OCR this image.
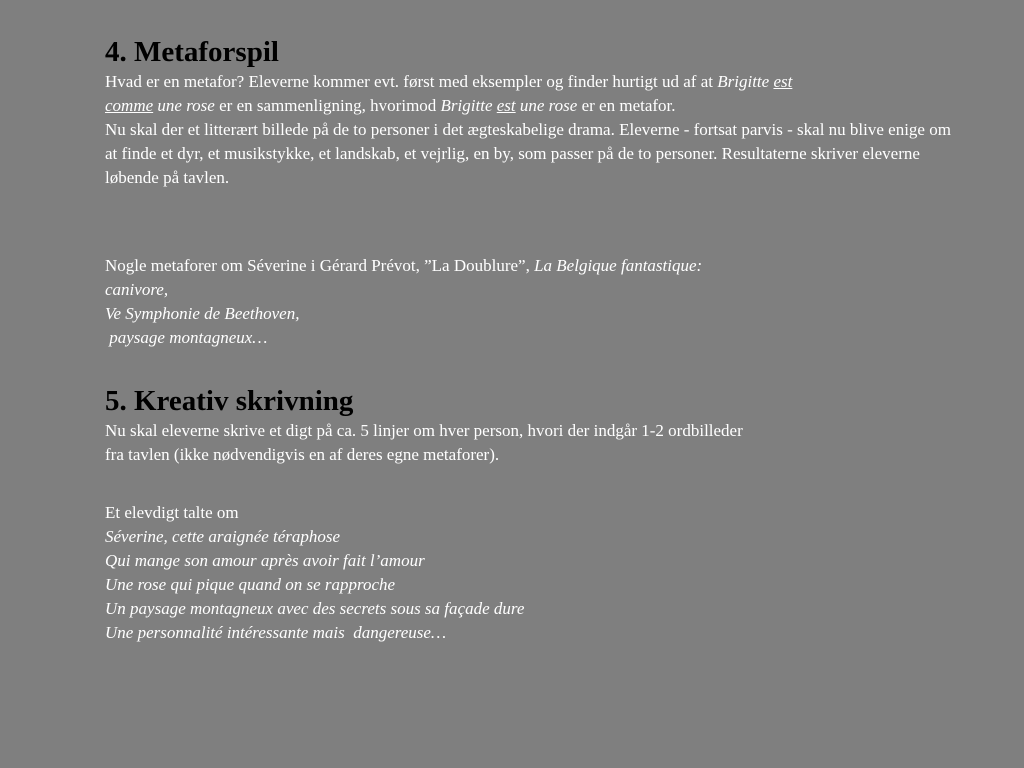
4. Metaforspil
Hvad er en metafor? Eleverne kommer evt. først med eksempler og finder hurtigt ud af at Brigitte est
comme une rose er en sammenligning, hvorimod Brigitte est une rose er en metafor.
Nu skal der et litterært billede på de to personer i det ægteskabelige drama. Eleverne - fortsat parvis - skal nu blive enige om at finde et dyr, et musikstykke, et landskab, et vejrlig, en by, som passer på de to personer. Resultaterne skriver eleverne løbende på tavlen.
Nogle metaforer om Séverine i Gérard Prévot, ”La Doublure”, La Belgique fantastique:
canivore,
Ve Symphonie de Beethoven,
paysage montagneux…
5. Kreativ skrivning
Nu skal eleverne skrive et digt på ca. 5 linjer om hver person, hvori der indgår 1-2 ordbilleder
fra tavlen (ikke nødvendigvis en af deres egne metaforer).
Et elevdigt talte om
Séverine, cette araignée téraphose
Qui mange son amour après avoir fait l’amour
Une rose qui pique quand on se rapproche
Un paysage montagneux avec des secrets sous sa façade dure
Une personnalité intéressante mais  dangereuse…
